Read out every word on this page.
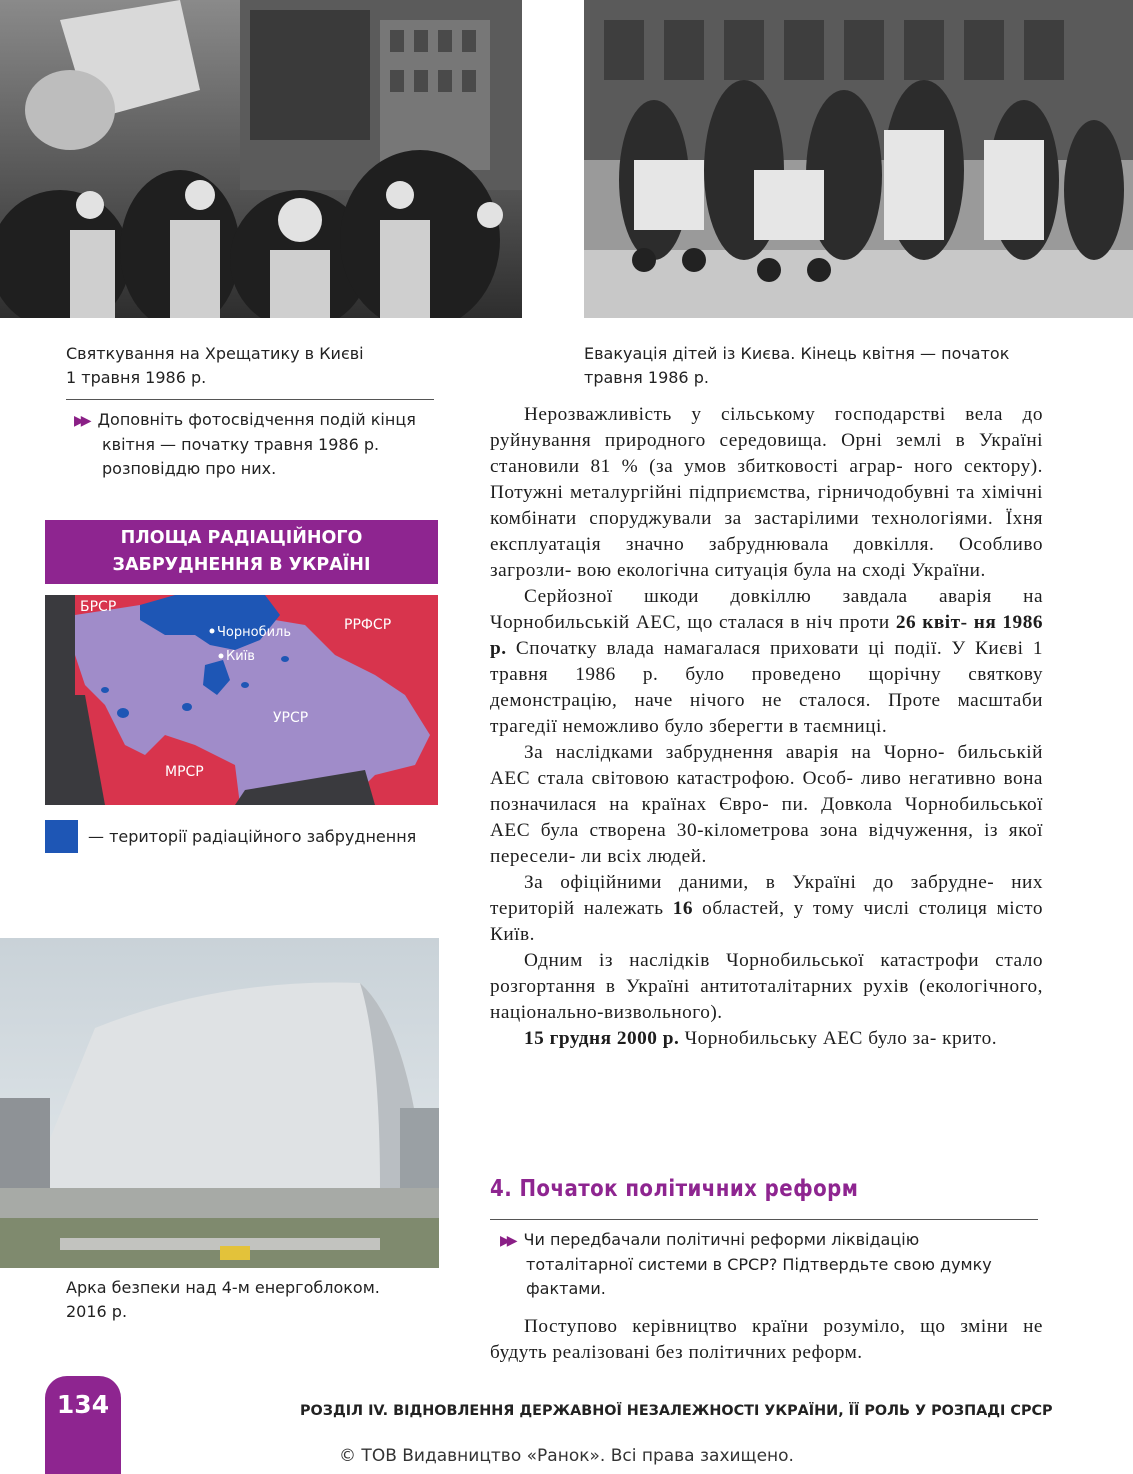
Святкування на Хрещатику в Києві
1 травня 1986 р.
Евакуація дітей із Києва. Кінець квітня — початок
травня 1986 р.
▶▶ Доповніть фотосвідчення подій кінця
квітня — початку травня 1986 р.
розповіддю про них.
ПЛОЩА РАДІАЦІЙНОГО
ЗАБРУДНЕННЯ В УКРАЇНІ
БРСР
РРФСР
Чорнобиль
Київ
УРСР
МРСР
— території радіаційного забруднення
Арка безпеки над 4-м енергоблоком.
2016 р.

Нерозважливість у сільському господарстві вела до руйнування природного середовища. Орні землі в Україні становили 81 % (за умов збитковості аграр- ного сектору). Потужні металургійні підприємства, гірничодобувні та хімічні комбінати споруджували за застарілими технологіями. Їхня експлуатація значно забруднювала довкілля. Особливо загрозли- вою екологічна ситуація була на сході України.

Серйозної шкоди довкіллю завдала аварія на Чорнобильській АЕС, що сталася в ніч проти 26 квіт- ня 1986 р. Спочатку влада намагалася приховати ці події. У Києві 1 травня 1986 р. було проведено щорічну святкову демонстрацію, наче нічого не сталося. Проте масштаби трагедії неможливо було зберегти в таємниці.

За наслідками забруднення аварія на Чорно- бильській АЕС стала світовою катастрофою. Особ- ливо негативно вона позначилася на країнах Євро- пи. Довкола Чорнобильської АЕС була створена 30-кілометрова зона відчуження, із якої пересели- ли всіх людей.

За офіційними даними, в Україні до забрудне- них територій належать 16 областей, у тому числі столиця місто Київ.

Одним із наслідків Чорнобильської катастрофи стало розгортання в Україні антитоталітарних рухів (екологічного, національно-визвольного).

15 грудня 2000 р. Чорнобильську АЕС було за- крито.

4. Початок політичних реформ
▶▶ Чи передбачали політичні реформи ліквідацію
тоталітарної системи в СРСР? Підтвердьте свою думку
фактами.

Поступово керівництво країни розуміло, що зміни не будуть реалізовані без політичних реформ.

134	РОЗДІЛ IV. ВІДНОВЛЕННЯ ДЕРЖАВНОЇ НЕЗАЛЕЖНОСТІ УКРАЇНИ, ЇЇ РОЛЬ У РОЗПАДІ СРСР
© ТОВ Видавництво «Ранок». Всі права захищено.
